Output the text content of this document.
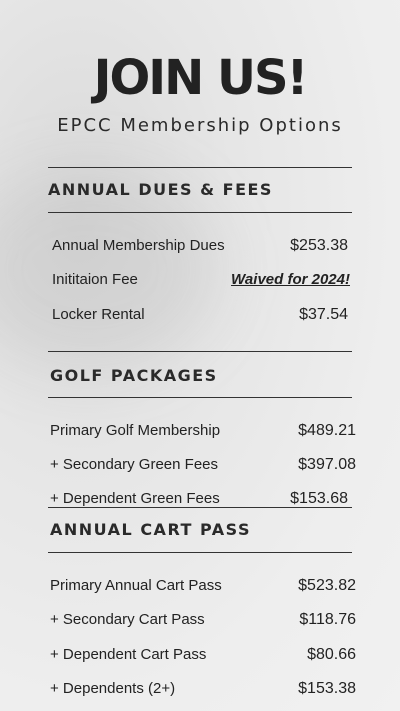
JOIN US!
EPCC Membership Options
ANNUAL DUES & FEES
Annual Membership Dues	$253.38
Inititaion Fee	Waived for 2024!
Locker Rental	$37.54
GOLF PACKAGES
Primary Golf Membership	$489.21
+ Secondary Green Fees	$397.08
+ Dependent Green Fees	$153.68
ANNUAL CART PASS
Primary Annual Cart Pass	$523.82
+ Secondary Cart Pass	$118.76
+ Dependent Cart Pass	$80.66
+ Dependents (2+)	$153.38
